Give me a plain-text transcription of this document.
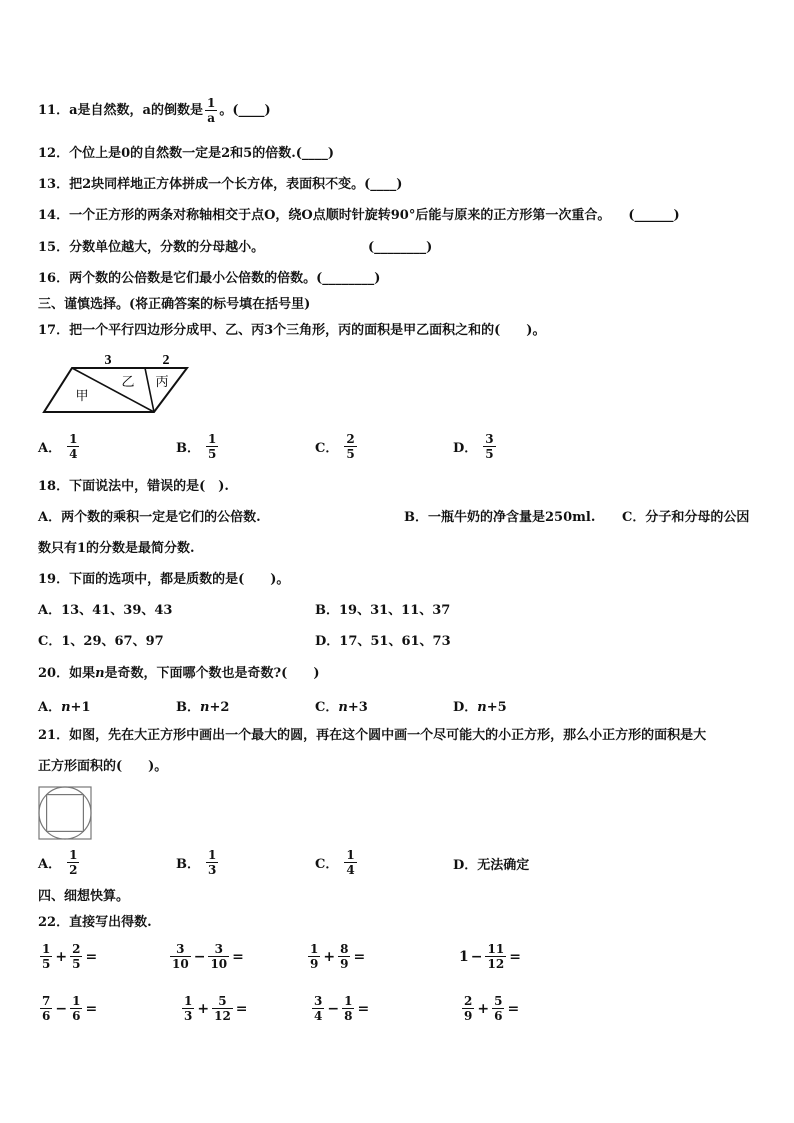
11．a是自然数，a的倒数是 $\frac{1}{a}$ 。(____)
12．个位上是0的自然数一定是2和5的倍数.(____)
13．把2块同样地正方体拼成一个长方体，表面积不变。(____)
14．一个正方形的两条对称轴相交于点O，绕O点顺时针旋转90°后能与原来的正方形第一次重合。 (______)
15．分数单位越大，分数的分母越小。	(________)
16．两个数的公倍数是它们最小公倍数的倍数。(________)
三、谨慎选择。(将正确答案的标号填在括号里)
17．把一个平行四边形分成甲、乙、丙3个三角形，丙的面积是甲乙面积之和的(　　)。
3	2
甲
乙 丙
A． $\frac{1}{4}$	B． $\frac{1}{5}$	C． $\frac{2}{5}$	D． $\frac{3}{5}$
18．下面说法中，错误的是(　).
A．两个数的乘积一定是它们的公倍数.	B．一瓶牛奶的净含量是250ml. C．分子和分母的公因
数只有1的分数是最简分数.
19．下面的选项中，都是质数的是(　　)。
A．13、41、39、43	B．19、31、11、37
C．1、29、67、97	D．17、51、61、73
20．如果n是奇数，下面哪个数也是奇数?(　　)
A．n+1	B．n+2	C．n+3	D．n+5
21．如图，先在大正方形中画出一个最大的圆，再在这个圆中画一个尽可能大的小正方形，那么小正方形的面积是大
正方形面积的(　　)。
A． $\frac{1}{2}$	B． $\frac{1}{3}$	C． $\frac{1}{4}$	D．无法确定
四、细想快算。
22．直接写出得数.
$\frac{1}{5} + \frac{2}{5}$ =	$\frac{3}{10} - \frac{3}{10}$ =	$\frac{1}{9} + \frac{8}{9}$ =	$1 - \frac{11}{12}$ =
$\frac{7}{6} - \frac{1}{6}$ =	$\frac{1}{3} + \frac{5}{12}$ =	$\frac{3}{4} - \frac{1}{8}$ =	$\frac{2}{9} + \frac{5}{6}$ =
